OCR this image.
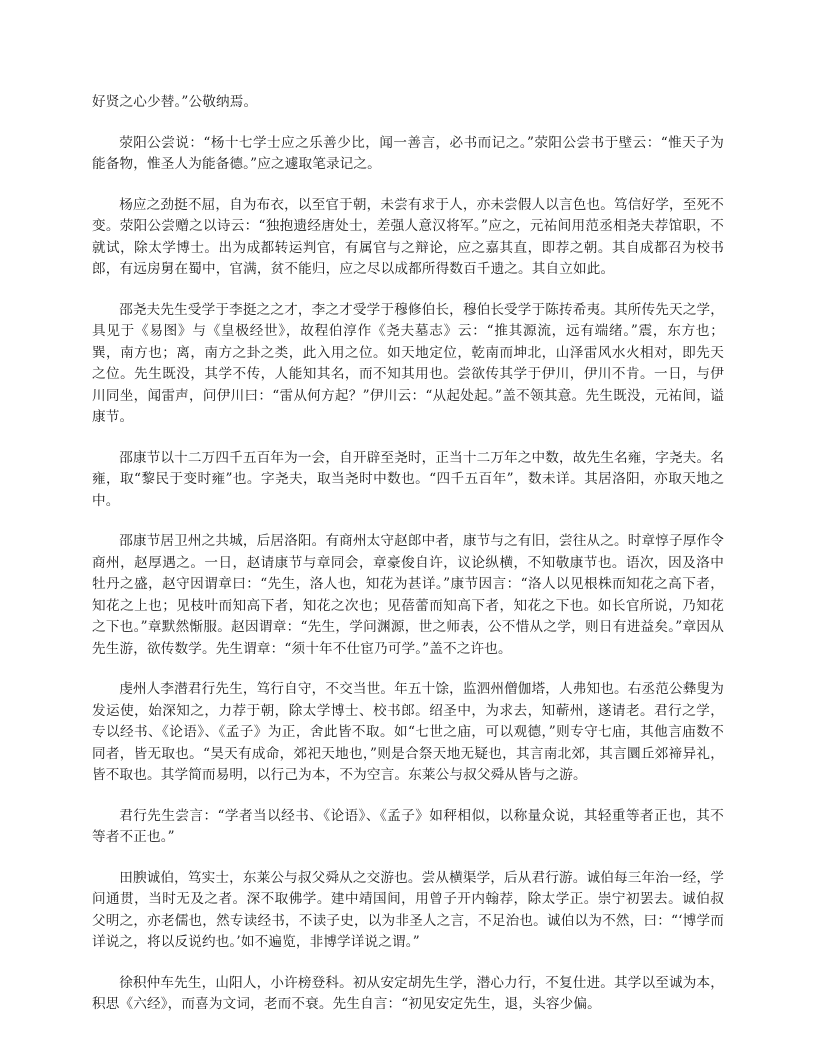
好贤之心少替。”公敬纳焉。

荥阳公尝说：“杨十七学士应之乐善少比，闻一善言，必书而记之。”荥阳公尝书于壁云：“惟天子为能备物，惟圣人为能备德。”应之遽取笔录记之。

杨应之劲挺不屈，自为布衣，以至官于朝，未尝有求于人，亦未尝假人以言色也。笃信好学，至死不变。荥阳公尝赠之以诗云：“独抱遗经唐处士，差强人意汉将军。”应之，元祐间用范丞相尧夫荐馆职，不就试，除太学博士。出为成都转运判官，有属官与之辩论，应之嘉其直，即荐之朝。其自成都召为校书郎，有远房舅在蜀中，官满，贫不能归，应之尽以成都所得数百千遗之。其自立如此。

邵尧夫先生受学于李挺之之才，李之才受学于穆修伯长，穆伯长受学于陈抟希夷。其所传先天之学，具见于《易图》与《皇极经世》，故程伯淳作《尧夫墓志》云：“推其源流，远有端绪。”震，东方也；巽，南方也；离，南方之卦之类，此入用之位。如天地定位，乾南而坤北，山泽雷风水火相对，即先天之位。先生既没，其学不传，人能知其名，而不知其用也。尝欲传其学于伊川，伊川不肯。一日，与伊川同坐，闻雷声，问伊川曰：“雷从何方起？”伊川云：“从起处起。”盖不领其意。先生既没，元祐间，谥康节。

邵康节以十二万四千五百年为一会，自开辟至尧时，正当十二万年之中数，故先生名雍，字尧夫。名雍，取“黎民于变时雍”也。字尧夫，取当尧时中数也。“四千五百年”，数未详。其居洛阳，亦取天地之中。

邵康节居卫州之共城，后居洛阳。有商州太守赵郎中者，康节与之有旧，尝往从之。时章惇子厚作令商州，赵厚遇之。一日，赵请康节与章同会，章豪俊自许，议论纵横，不知敬康节也。语次，因及洛中牡丹之盛，赵守因谓章曰：“先生，洛人也，知花为甚详。”康节因言：“洛人以见根株而知花之高下者，知花之上也；见枝叶而知高下者，知花之次也；见蓓蕾而知高下者，知花之下也。如长官所说，乃知花之下也。”章默然惭服。赵因谓章：“先生，学问渊源，世之师表，公不惜从之学，则日有进益矣。”章因从先生游，欲传数学。先生谓章：“须十年不仕宦乃可学。”盖不之许也。

虔州人李潜君行先生，笃行自守，不交当世。年五十馀，监泗州僧伽塔，人弗知也。右丞范公彝叟为发运使，始深知之，力荐于朝，除太学博士、校书郎。绍圣中，为求去，知蕲州，遂请老。君行之学，专以经书、《论语》、《孟子》为正，舍此皆不取。如“七世之庙，可以观德，”则专守七庙，其他言庙数不同者，皆无取也。“昊天有成命，郊祀天地也，”则是合祭天地无疑也，其言南北郊，其言圜丘郊禘异礼，皆不取也。其学简而易明，以行己为本，不为空言。东莱公与叔父舜从皆与之游。

君行先生尝言：“学者当以经书、《论语》、《孟子》如秤相似，以称量众说，其轻重等者正也，其不等者不正也。”

田腴诚伯，笃实士，东莱公与叔父舜从之交游也。尝从横渠学，后从君行游。诚伯每三年治一经，学问通贯，当时无及之者。深不取佛学。建中靖国间，用曾子开内翰荐，除太学正。崇宁初罢去。诚伯叔父明之，亦老儒也，然专读经书，不读子史，以为非圣人之言，不足治也。诚伯以为不然，曰：“‘博学而详说之，将以反说约也。’如不遍览，非博学详说之谓。”

徐积仲车先生，山阳人，小许榜登科。初从安定胡先生学，潜心力行，不复仕进。其学以至诚为本，积思《六经》，而喜为文词，老而不衰。先生自言：“初见安定先生，退，头容少偏。
